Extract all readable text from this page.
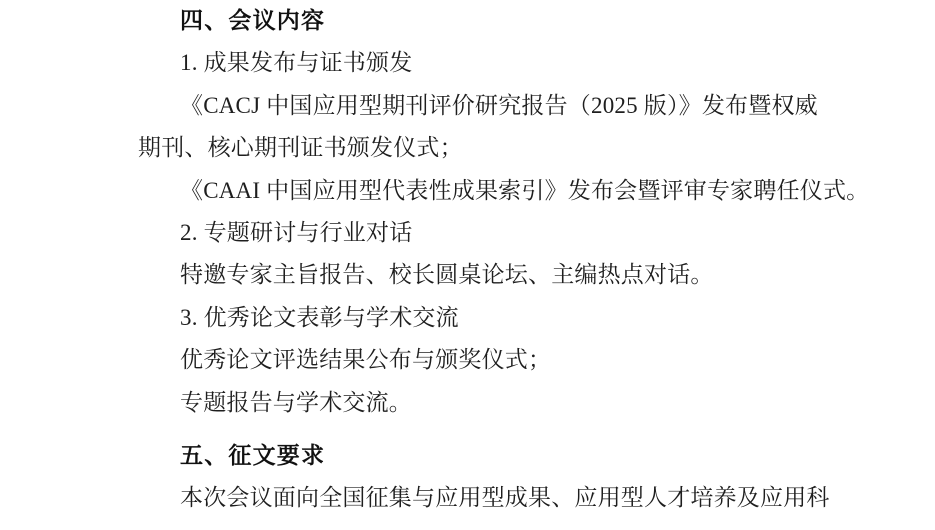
四、会议内容
1. 成果发布与证书颁发
《CACJ 中国应用型期刊评价研究报告（2025 版）》发布暨权威
期刊、核心期刊证书颁发仪式；
《CAAI 中国应用型代表性成果索引》发布会暨评审专家聘任仪式。
2. 专题研讨与行业对话
特邀专家主旨报告、校长圆桌论坛、主编热点对话。
3. 优秀论文表彰与学术交流
优秀论文评选结果公布与颁奖仪式；
专题报告与学术交流。
五、征文要求
本次会议面向全国征集与应用型成果、应用型人才培养及应用科
